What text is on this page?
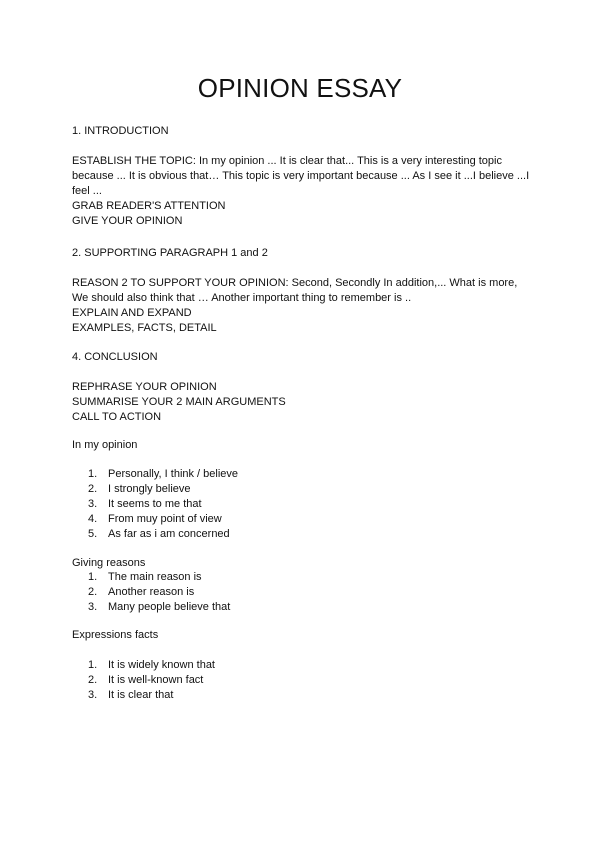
OPINION ESSAY

1. INTRODUCTION

ESTABLISH THE TOPIC: In my opinion ... It is clear that... This is a very interesting topic because ... It is obvious that… This topic is very important because ... As I see it ...I believe ...I feel ...

GRAB READER'S ATTENTION

GIVE YOUR OPINION

2. SUPPORTING PARAGRAPH 1 and 2

REASON 2 TO SUPPORT YOUR OPINION: Second, Secondly In addition,... What is more, We should also think that … Another important thing to remember is ..

EXPLAIN AND EXPAND

EXAMPLES, FACTS, DETAIL

4. CONCLUSION

REPHRASE YOUR OPINION

SUMMARISE YOUR 2 MAIN ARGUMENTS

CALL TO ACTION

In my opinion

1. Personally, I think / believe
2. I strongly believe
3. It seems to me that
4. From muy point of view
5. As far as i am concerned

Giving reasons

1. The main reason is
2. Another reason is
3. Many people believe that

Expressions facts

1. It is widely known that
2. It is well-known fact
3. It is clear that
